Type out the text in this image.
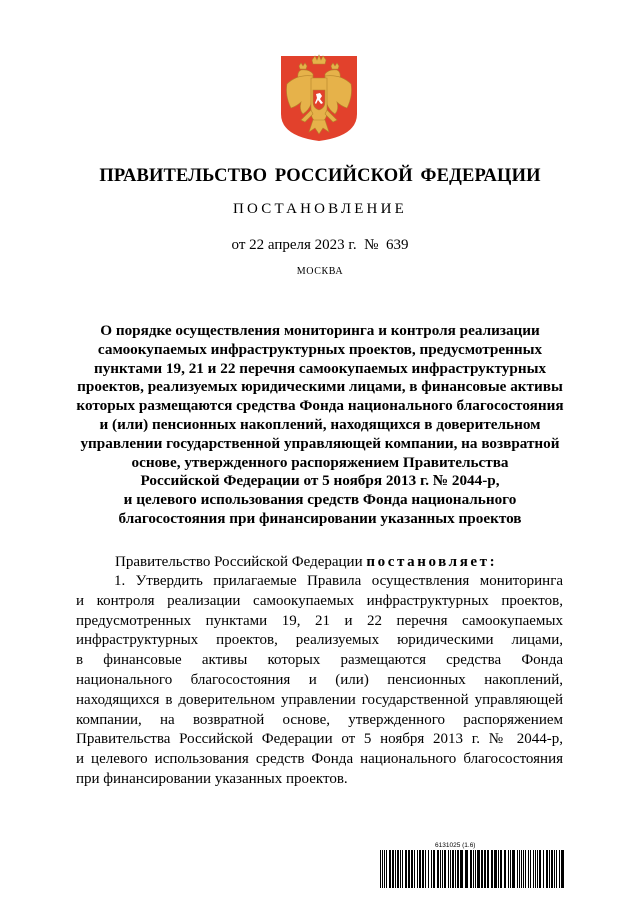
ПРАВИТЕЛЬСТВО РОССИЙСКОЙ ФЕДЕРАЦИИ
ПОСТАНОВЛЕНИЕ
от 22 апреля 2023 г. № 639
МОСКВА
О порядке осуществления мониторинга и контроля реализации
самоокупаемых инфраструктурных проектов, предусмотренных
пунктами 19, 21 и 22 перечня самоокупаемых инфраструктурных
проектов, реализуемых юридическими лицами, в финансовые активы
которых размещаются средства Фонда национального благосостояния
и (или) пенсионных накоплений, находящихся в доверительном
управлении государственной управляющей компании, на возвратной
основе, утвержденного распоряжением Правительства
Российской Федерации от 5 ноября 2013 г. № 2044-р,
и целевого использования средств Фонда национального
благосостояния при финансировании указанных проектов
Правительство Российской Федерации постановляет:
1. Утвердить прилагаемые Правила осуществления мониторинга
и контроля реализации самоокупаемых инфраструктурных проектов,
предусмотренных пунктами 19, 21 и 22 перечня самоокупаемых
инфраструктурных проектов, реализуемых юридическими лицами,
в финансовые активы которых размещаются средства Фонда
национального благосостояния и (или) пенсионных накоплений,
находящихся в доверительном управлении государственной управляющей
компании, на возвратной основе, утвержденного распоряжением
Правительства Российской Федерации от 5 ноября 2013 г. № 2044-р,
и целевого использования средств Фонда национального благосостояния
при финансировании указанных проектов.
6131025 (1.6)
